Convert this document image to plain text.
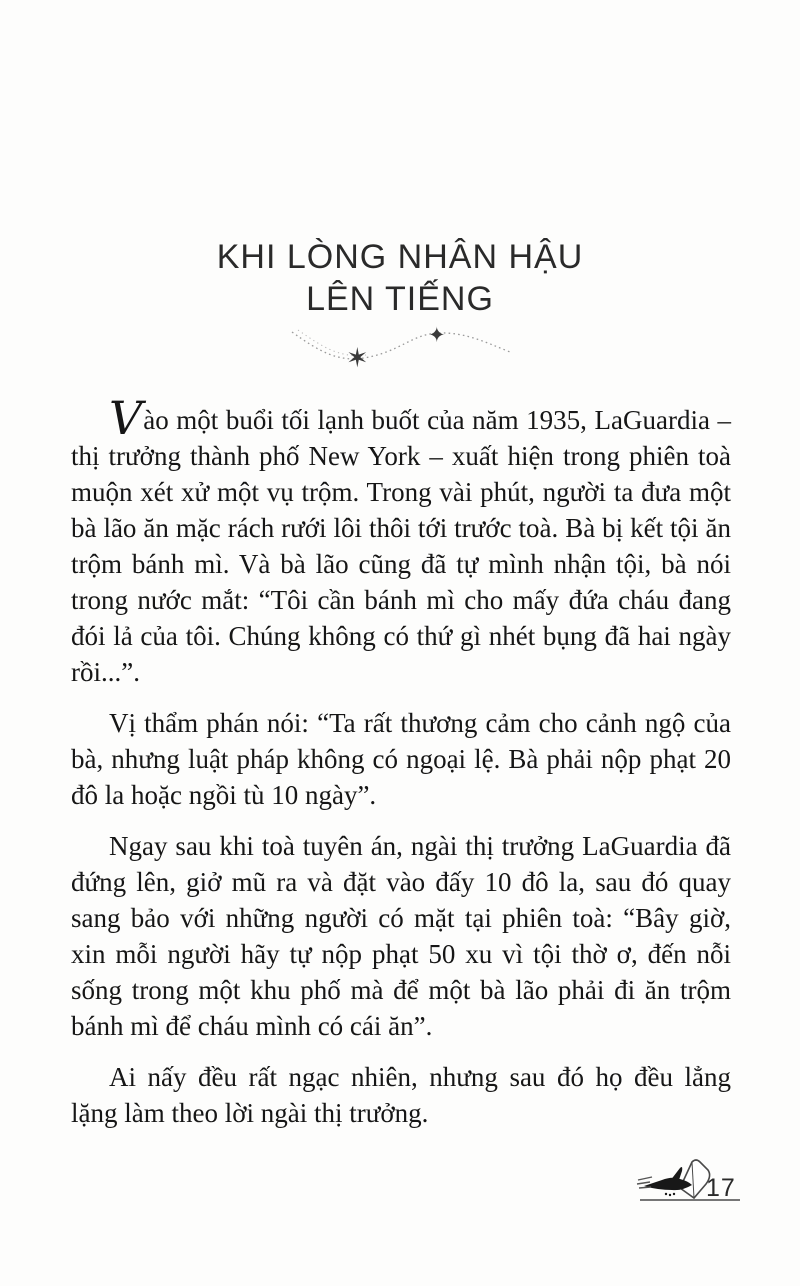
KHI LÒNG NHÂN HẬU
LÊN TIẾNG
✶
✦

Vào một buổi tối lạnh buốt của năm 1935, LaGuardia – thị trưởng thành phố New York – xuất hiện trong phiên toà muộn xét xử một vụ trộm. Trong vài phút, người ta đưa một bà lão ăn mặc rách rưới lôi thôi tới trước toà. Bà bị kết tội ăn trộm bánh mì. Và bà lão cũng đã tự mình nhận tội, bà nói trong nước mắt: “Tôi cần bánh mì cho mấy đứa cháu đang đói lả của tôi. Chúng không có thứ gì nhét bụng đã hai ngày rồi...”.

Vị thẩm phán nói: “Ta rất thương cảm cho cảnh ngộ của bà, nhưng luật pháp không có ngoại lệ. Bà phải nộp phạt 20 đô la hoặc ngồi tù 10 ngày”.

Ngay sau khi toà tuyên án, ngài thị trưởng LaGuardia đã đứng lên, giở mũ ra và đặt vào đấy 10 đô la, sau đó quay sang bảo với những người có mặt tại phiên toà: “Bây giờ, xin mỗi người hãy tự nộp phạt 50 xu vì tội thờ ơ, đến nỗi sống trong một khu phố mà để một bà lão phải đi ăn trộm bánh mì để cháu mình có cái ăn”.

Ai nấy đều rất ngạc nhiên, nhưng sau đó họ đều lẳng lặng làm theo lời ngài thị trưởng.

17
